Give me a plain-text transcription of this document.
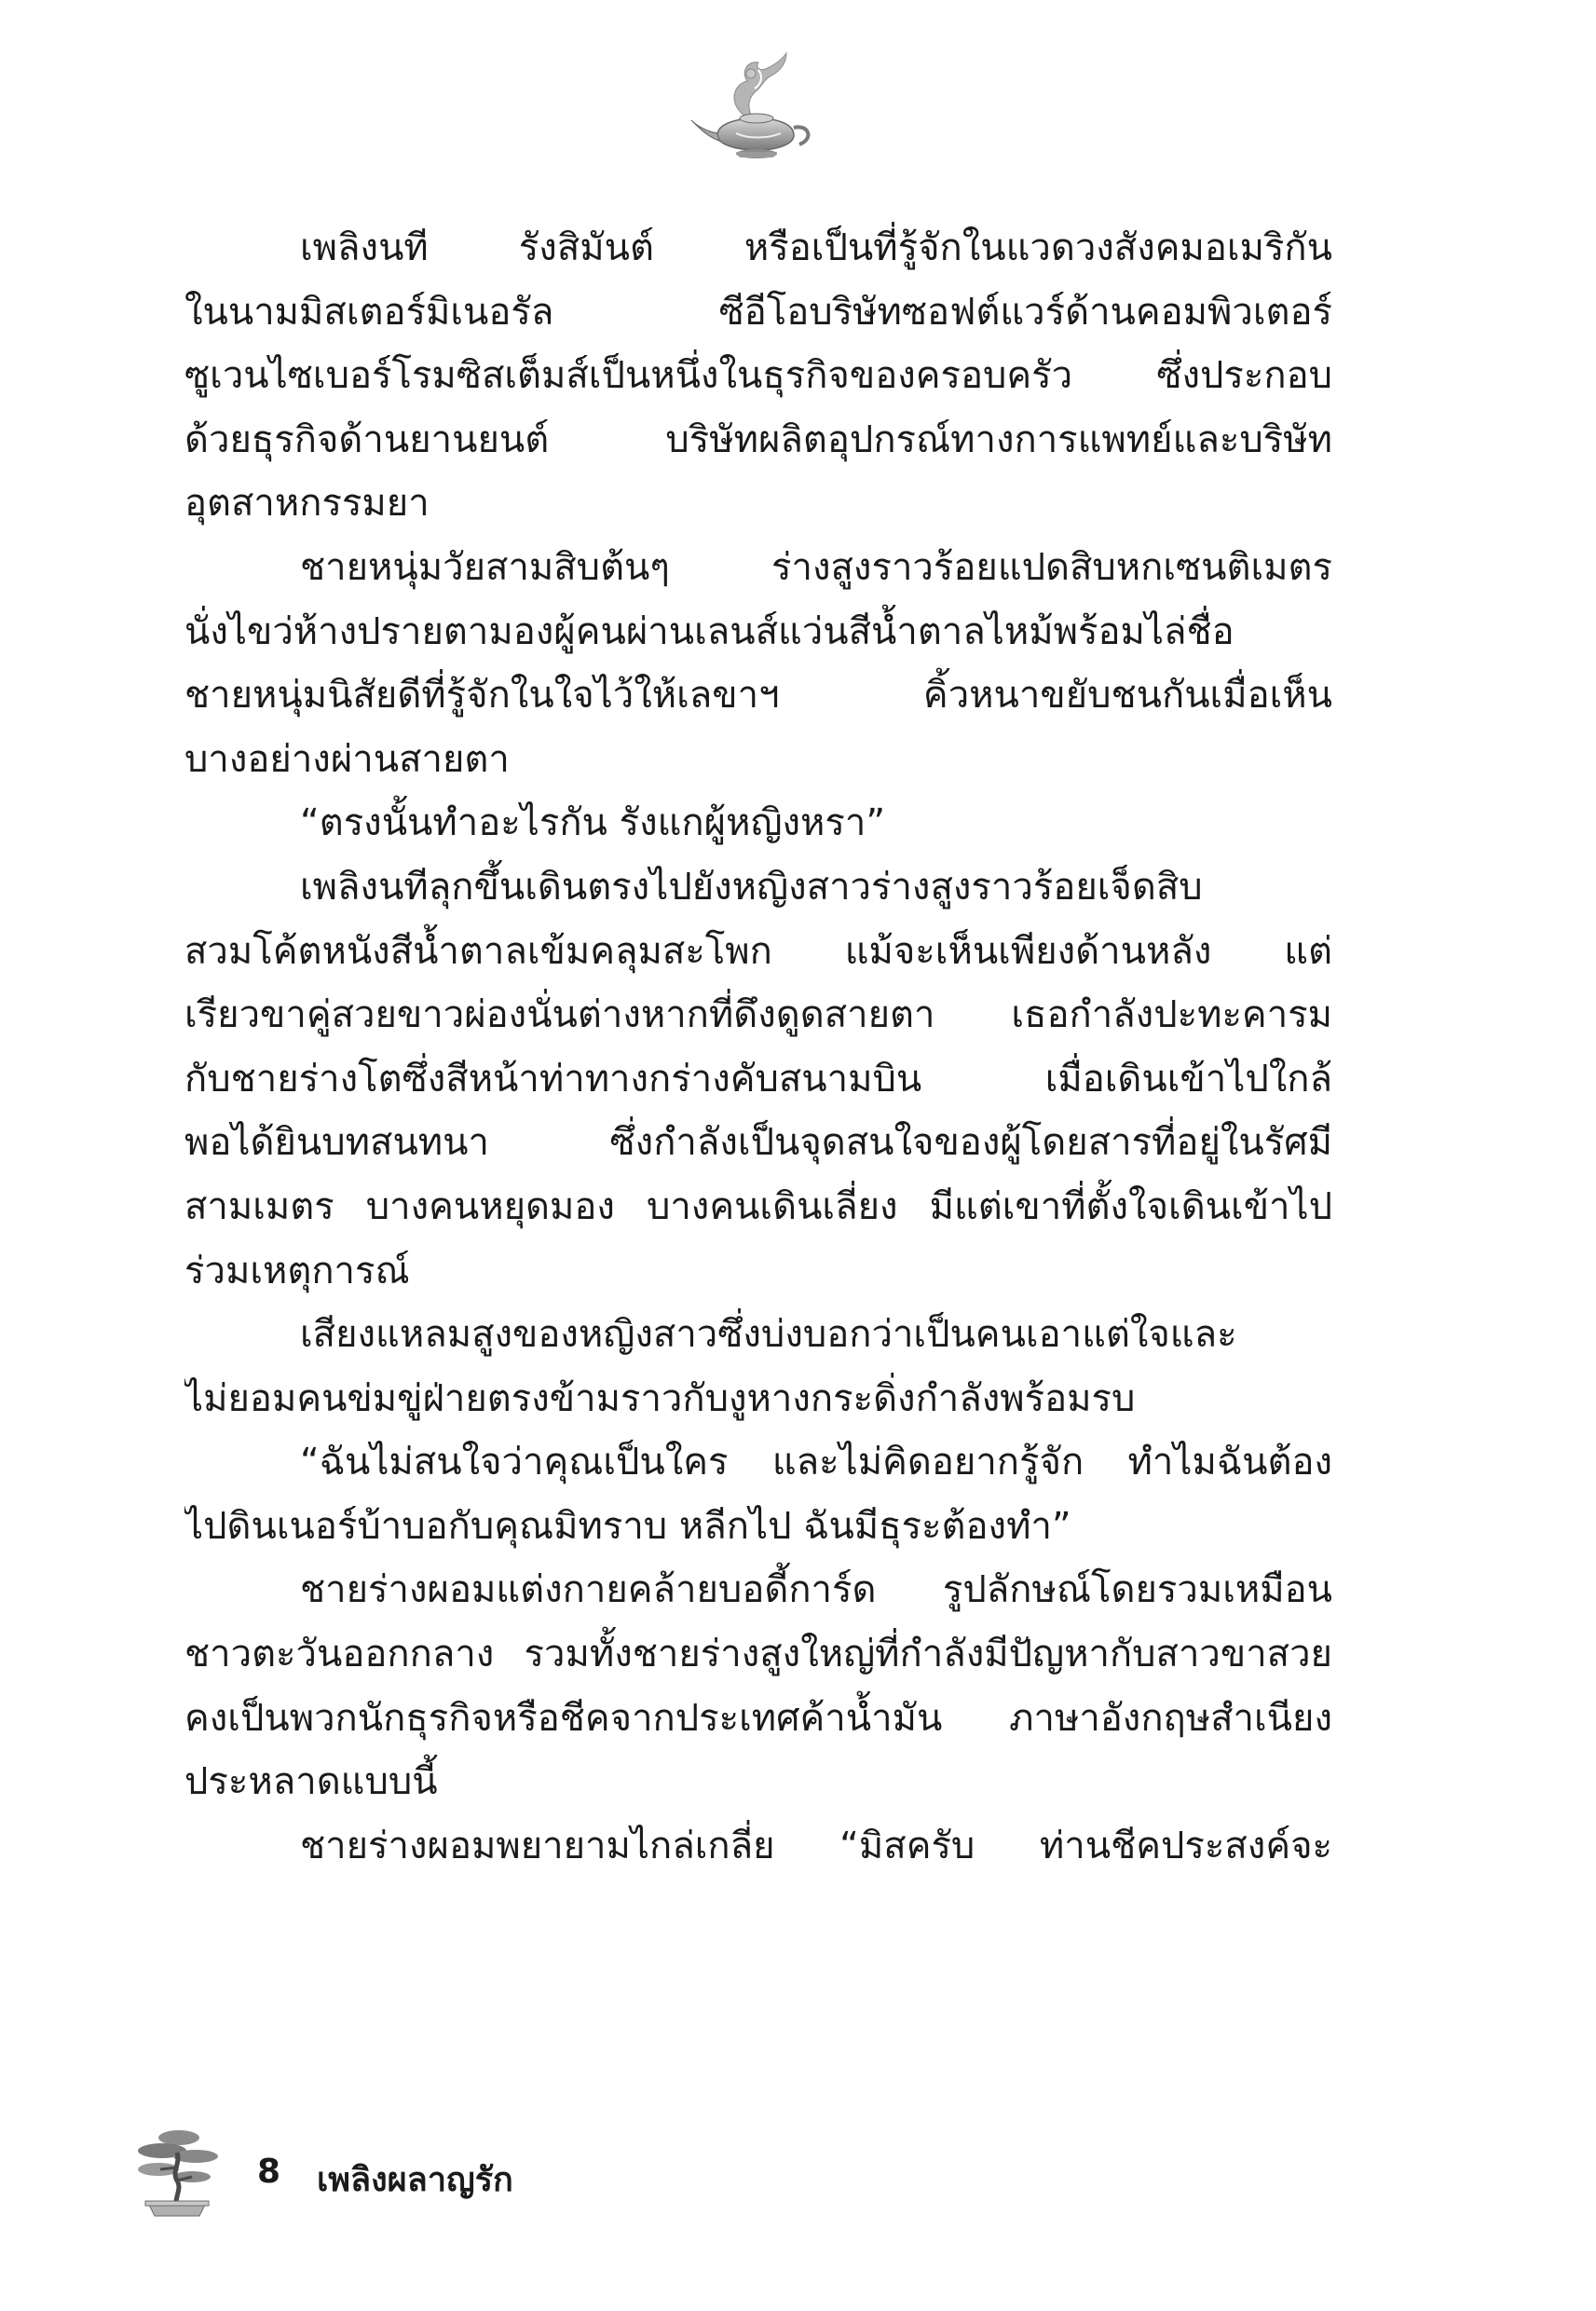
เพลิงนที รังสิมันต์ หรือเป็นที่รู้จักในแวดวงสังคมอเมริกัน
ในนามมิสเตอร์มิเนอรัล ซีอีโอบริษัทซอฟต์แวร์ด้านคอมพิวเตอร์
ซูเวนไซเบอร์โรมซิสเต็มส์เป็นหนึ่งในธุรกิจของครอบครัว ซึ่งประกอบ
ด้วยธุรกิจด้านยานยนต์ บริษัทผลิตอุปกรณ์ทางการแพทย์และบริษัท
อุตสาหกรรมยา
ชายหนุ่มวัยสามสิบต้นๆ ร่างสูงราวร้อยแปดสิบหกเซนติเมตร
นั่งไขว่ห้างปรายตามองผู้คนผ่านเลนส์แว่นสีน้ำตาลไหม้พร้อมไล่ชื่อ
ชายหนุ่มนิสัยดีที่รู้จักในใจไว้ให้เลขาฯ คิ้วหนาขยับชนกันเมื่อเห็น
บางอย่างผ่านสายตา
“ตรงนั้นทำอะไรกัน รังแกผู้หญิงหรา”
เพลิงนทีลุกขึ้นเดินตรงไปยังหญิงสาวร่างสูงราวร้อยเจ็ดสิบ
สวมโค้ตหนังสีน้ำตาลเข้มคลุมสะโพก แม้จะเห็นเพียงด้านหลัง แต่
เรียวขาคู่สวยขาวผ่องนั่นต่างหากที่ดึงดูดสายตา เธอกำลังปะทะคารม
กับชายร่างโตซึ่งสีหน้าท่าทางกร่างคับสนามบิน เมื่อเดินเข้าไปใกล้
พอได้ยินบทสนทนา ซึ่งกำลังเป็นจุดสนใจของผู้โดยสารที่อยู่ในรัศมี
สามเมตร บางคนหยุดมอง บางคนเดินเลี่ยง มีแต่เขาที่ตั้งใจเดินเข้าไป
ร่วมเหตุการณ์
เสียงแหลมสูงของหญิงสาวซึ่งบ่งบอกว่าเป็นคนเอาแต่ใจและ
ไม่ยอมคนข่มขู่ฝ่ายตรงข้ามราวกับงูหางกระดิ่งกำลังพร้อมรบ
“ฉันไม่สนใจว่าคุณเป็นใคร และไม่คิดอยากรู้จัก ทำไมฉันต้อง
ไปดินเนอร์บ้าบอกับคุณมิทราบ หลีกไป ฉันมีธุระต้องทำ”
ชายร่างผอมแต่งกายคล้ายบอดี้การ์ด รูปลักษณ์โดยรวมเหมือน
ชาวตะวันออกกลาง รวมทั้งชายร่างสูงใหญ่ที่กำลังมีปัญหากับสาวขาสวย
คงเป็นพวกนักธุรกิจหรือชีคจากประเทศค้าน้ำมัน ภาษาอังกฤษสำเนียง
ประหลาดแบบนี้
ชายร่างผอมพยายามไกล่เกลี่ย “มิสครับ ท่านชีคประสงค์จะ
8 เพลิงผลาญรัก
